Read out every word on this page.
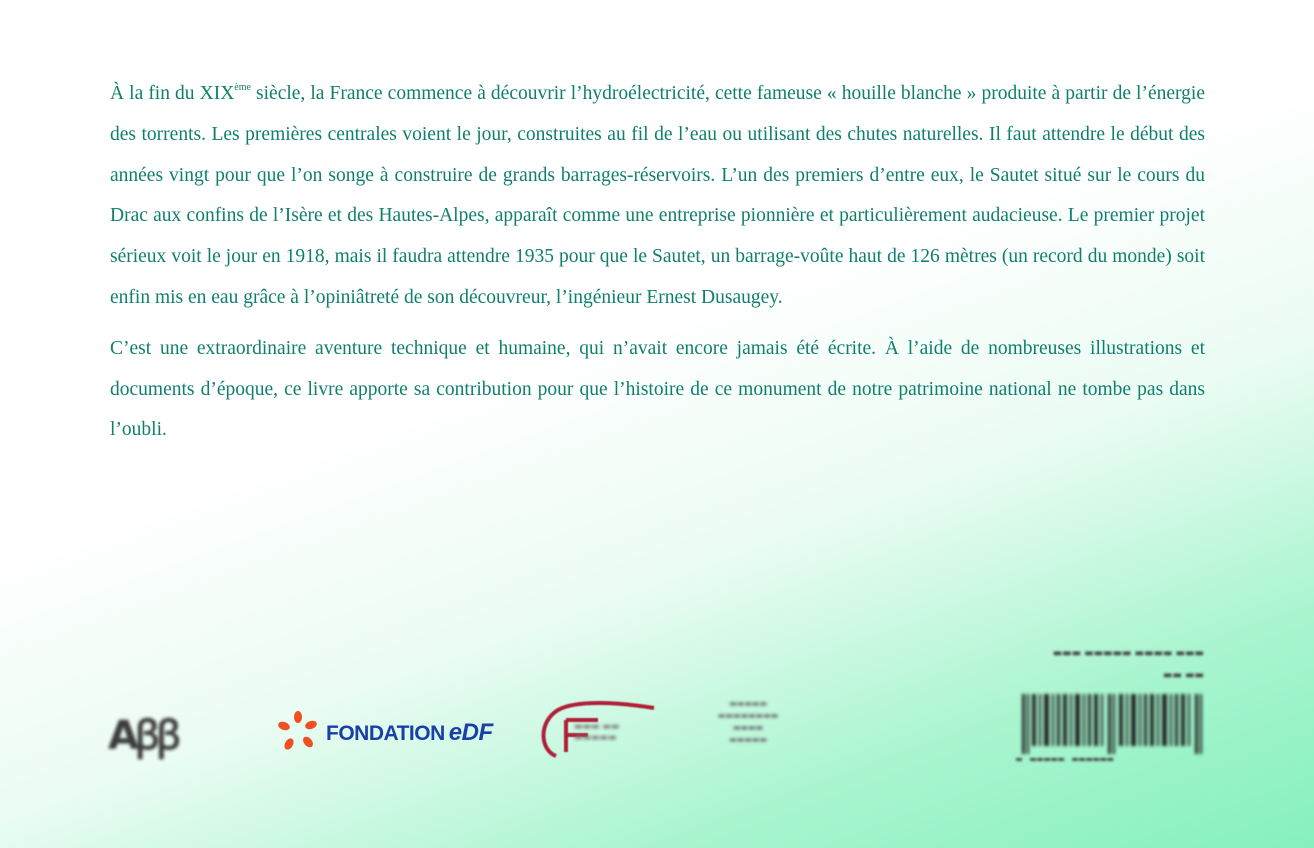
À la fin du XIXème siècle, la France commence à découvrir l’hydroélectricité, cette fameuse « houille blanche » produite à partir de l’énergie des torrents. Les premières centrales voient le jour, construites au fil de l’eau ou utilisant des chutes naturelles. Il faut attendre le début des années vingt pour que l’on songe à construire de grands barrages-réservoirs. L’un des premiers d’entre eux, le Sautet situé sur le cours du Drac aux confins de l’Isère et des Hautes-Alpes, apparaît comme une entreprise pionnière et particulièrement audacieuse. Le premier projet sérieux voit le jour en 1918, mais il faudra attendre 1935 pour que le Sautet, un barrage-voûte haut de 126 mètres (un record du monde) soit enfin mis en eau grâce à l’opiniâtreté de son découvreur, l’ingénieur Ernest Dusaugey.

C’est une extraordinaire aventure technique et humaine, qui n’avait encore jamais été écrite. À l’aide de nombreuses illustrations et documents d’époque, ce livre apporte sa contribution pour que l’histoire de ce monument de notre patrimoine national ne tombe pas dans l’oubli.

ꓮꞵꞵ	FONDATION eDF	▬▬▬ ▬▬
▬▬▬▬▬
▬▬▬▬▬
▬▬▬▬▬▬▬▬
▬▬▬▬
▬▬▬▬▬
▬▬▬ ▬▬▬▬▬ ▬▬▬▬ ▬▬▬
▬▬ ▬▬
▬ ▬▬▬▬▬ ▬▬▬▬▬▬
